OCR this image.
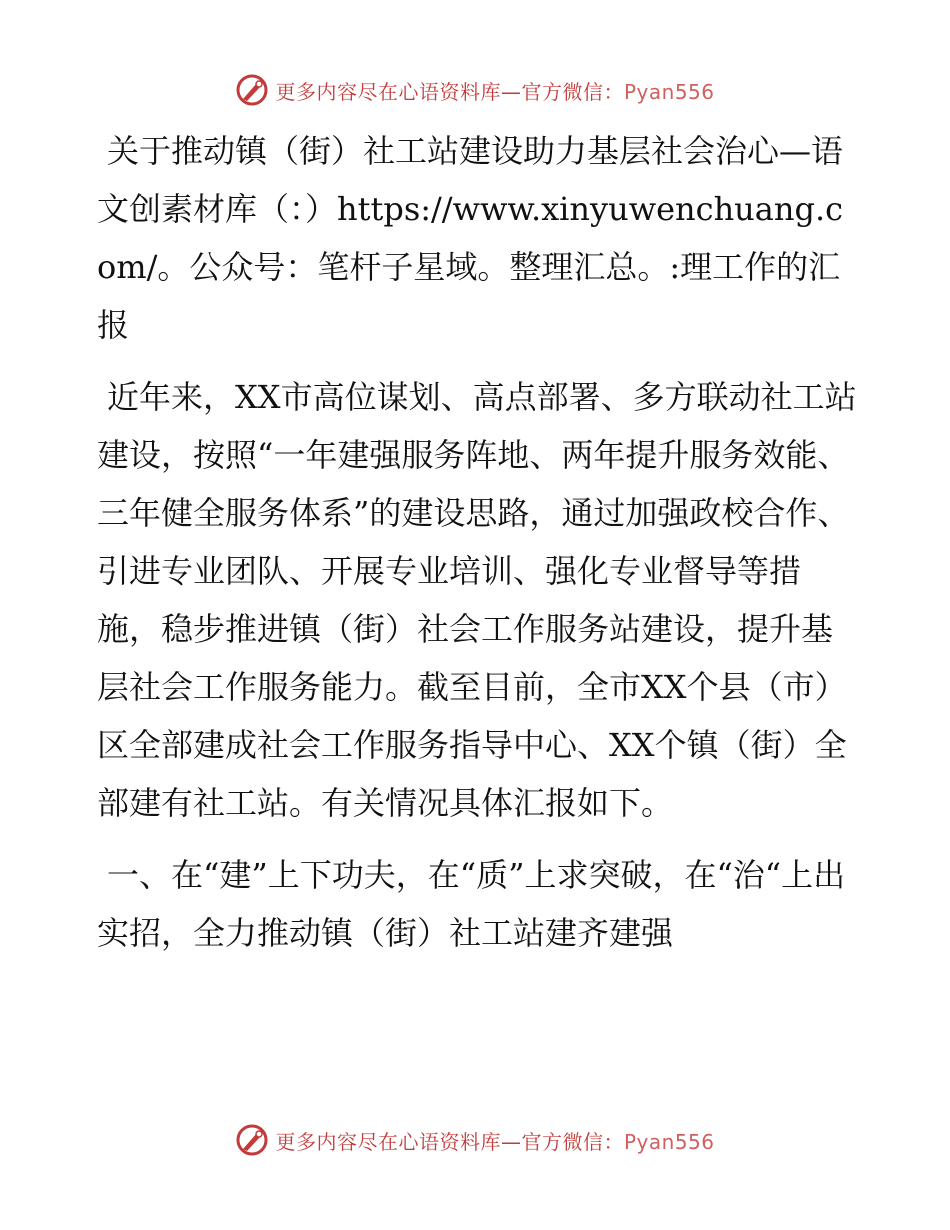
更多内容尽在心语资料库—官方微信：Pyan556

关于推动镇（街）社工站建设助力基层社会治心—语文创素材库（：）https://www.xinyuwenchuang.com/。公众号：笔杆子星域。整理汇总。:理工作的汇报

近年来，XX市高位谋划、高点部署、多方联动社工站建设，按照“一年建强服务阵地、两年提升服务效能、三年健全服务体系”的建设思路，通过加强政校合作、引进专业团队、开展专业培训、强化专业督导等措施，稳步推进镇（街）社会工作服务站建设，提升基层社会工作服务能力。截至目前，全市XX个县（市）区全部建成社会工作服务指导中心、XX个镇（街）全部建有社工站。有关情况具体汇报如下。

一、在“建”上下功夫，在“质”上求突破，在“治“上出实招，全力推动镇（街）社工站建齐建强

更多内容尽在心语资料库—官方微信：Pyan556
